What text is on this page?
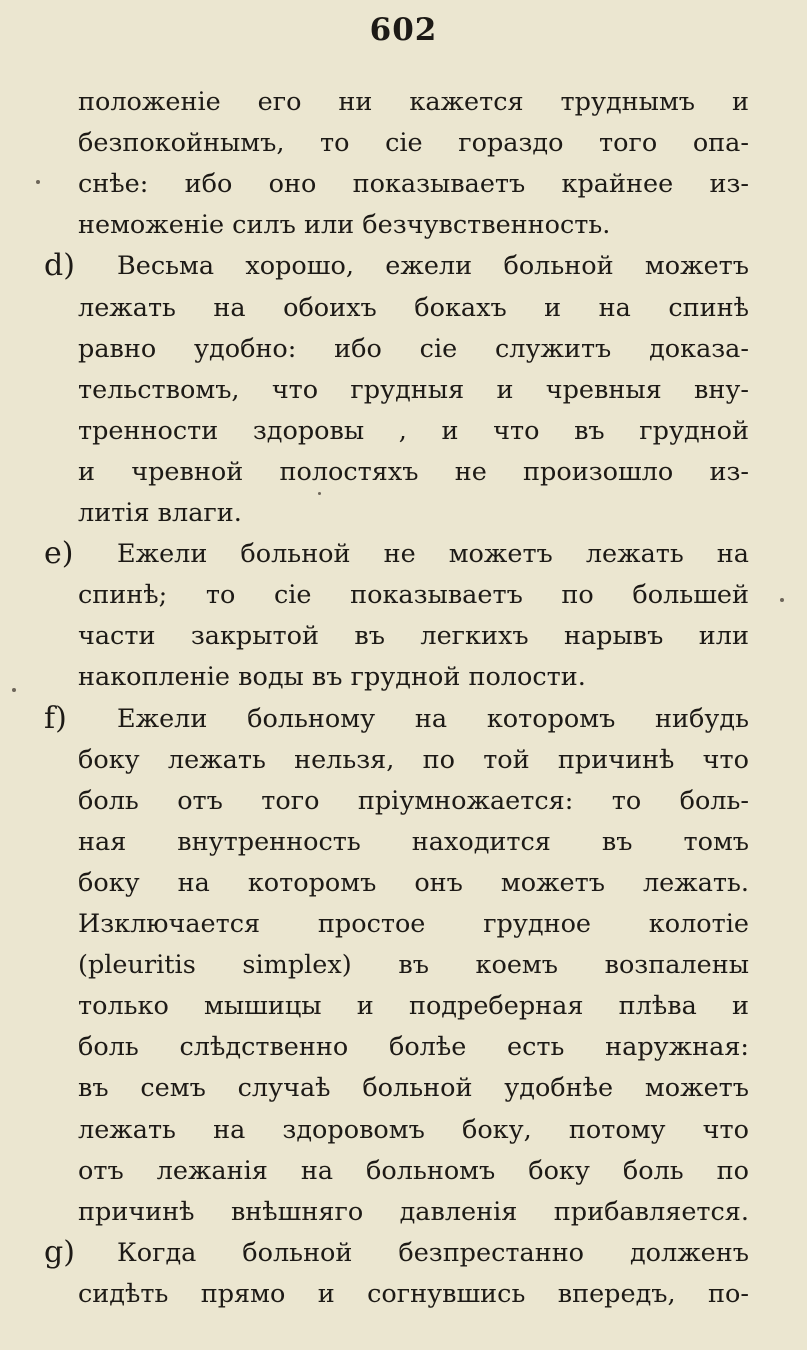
602
положеніе его ни кажется труднымъ и
безпокойнымъ, то сіе гораздо того опа-
снѣе: ибо оно показываетъ крайнее из-
неможеніе силъ или безчувственность.
d)	Весьма хорошо, ежели больной можетъ
лежать на обоихъ бокахъ и на спинѣ
равно удобно: ибо сіе служитъ доказа-
тельствомъ, что грудныя и чревныя вну-
тренности здоровы , и что въ грудной
и чревной полостяхъ не произошло из-
литія влаги.
e)	Ежели больной не можетъ лежать на
спинѣ; то сіе показываетъ по большей
части закрытой въ легкихъ нарывъ или
накопленіе воды въ грудной полости.
f)	Ежели больному на которомъ нибудь
боку лежать нельзя, по той причинѣ что
боль отъ того пріумножается: то боль-
ная внутренность находится въ томъ
боку на которомъ онъ можетъ лежать.
Изключается простое грудное колотіе
(pleuritis simplex) въ коемъ возпалены
только мышицы и подреберная плѣва и
боль слѣдственно болѣе есть наружная:
въ семъ случаѣ больной удобнѣе можетъ
лежать на здоровомъ боку, потому что
отъ лежанія на больномъ боку боль по
причинѣ внѣшняго давленія прибавляется.
g)	Когда больной безпрестанно долженъ
сидѣть прямо и согнувшись впередъ, по-
